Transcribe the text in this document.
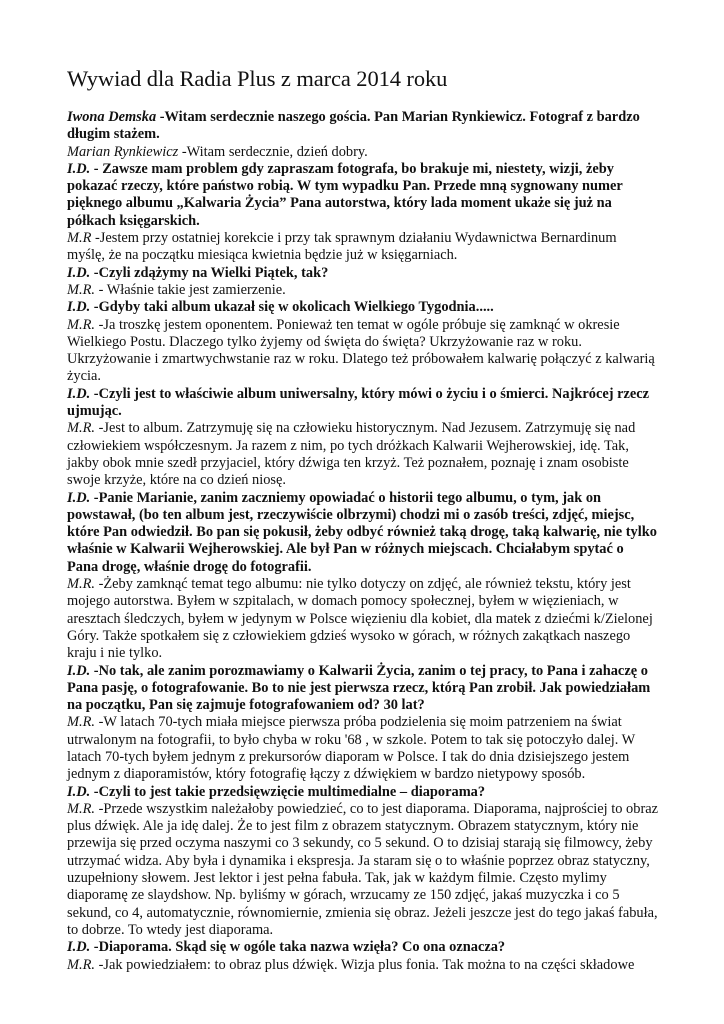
Wywiad dla Radia Plus z marca 2014 roku

Iwona Demska -Witam serdecznie naszego gościa. Pan Marian Rynkiewicz. Fotograf z bardzo długim stażem.

Marian Rynkiewicz -Witam serdecznie, dzień dobry.

I.D. - Zawsze mam problem gdy zapraszam fotografa, bo brakuje mi, niestety, wizji, żeby pokazać rzeczy, które państwo robią. W tym wypadku Pan. Przede mną sygnowany numer pięknego albumu „Kalwaria Życia” Pana autorstwa, który lada moment ukaże się już na półkach księgarskich.

M.R -Jestem przy ostatniej korekcie i przy tak sprawnym działaniu Wydawnictwa Bernardinum myślę, że na początku miesiąca kwietnia będzie już w księgarniach.

I.D. -Czyli zdążymy na Wielki Piątek, tak?

M.R. - Właśnie takie jest zamierzenie.

I.D. -Gdyby taki album ukazał się w okolicach Wielkiego Tygodnia.....

M.R. -Ja troszkę jestem oponentem. Ponieważ ten temat w ogóle próbuje się zamknąć w okresie Wielkiego Postu. Dlaczego tylko żyjemy od święta do święta? Ukrzyżowanie raz w roku. Ukrzyżowanie i zmartwychwstanie raz w roku. Dlatego też próbowałem kalwarię połączyć z kalwarią życia.

I.D. -Czyli jest to właściwie album uniwersalny, który mówi o życiu i o śmierci. Najkrócej rzecz ujmując.

M.R. -Jest to album. Zatrzymuję się na człowieku historycznym. Nad Jezusem. Zatrzymuję się nad człowiekiem współczesnym. Ja razem z nim, po tych dróżkach Kalwarii Wejherowskiej, idę. Tak, jakby obok mnie szedł przyjaciel, który dźwiga ten krzyż. Też poznałem, poznaję i znam osobiste swoje krzyże, które na co dzień niosę.

I.D. -Panie Marianie, zanim zaczniemy opowiadać o historii tego albumu, o tym, jak on powstawał, (bo ten album jest, rzeczywiście olbrzymi) chodzi mi o zasób treści, zdjęć, miejsc, które Pan odwiedził. Bo pan się pokusił, żeby odbyć również taką drogę, taką kalwarię, nie tylko właśnie w Kalwarii Wejherowskiej. Ale był Pan w różnych miejscach. Chciałabym spytać o Pana drogę, właśnie drogę do fotografii.

M.R. -Żeby zamknąć temat tego albumu: nie tylko dotyczy on zdjęć, ale również tekstu, który jest mojego autorstwa. Byłem w szpitalach, w domach pomocy społecznej, byłem w więzieniach, w aresztach śledczych, byłem w jedynym w Polsce więzieniu dla kobiet, dla matek z dziećmi k/Zielonej Góry. Także spotkałem się z człowiekiem gdzieś wysoko w górach, w różnych zakątkach naszego kraju i nie tylko.

I.D. -No tak, ale zanim porozmawiamy o Kalwarii Życia, zanim o tej pracy, to Pana i zahaczę o Pana pasję, o fotografowanie. Bo to nie jest pierwsza rzecz, którą Pan zrobił. Jak powiedziałam na początku, Pan się zajmuje fotografowaniem od? 30 lat?

M.R. -W latach 70-tych miała miejsce pierwsza próba podzielenia się moim patrzeniem na świat utrwalonym na fotografii, to było chyba w roku '68 , w szkole. Potem to tak się potoczyło dalej. W latach 70-tych byłem jednym z prekursorów diaporam w Polsce. I tak do dnia dzisiejszego jestem jednym z diaporamistów, który fotografię łączy z dźwiękiem w bardzo nietypowy sposób.

I.D. -Czyli to jest takie przedsięwzięcie multimedialne – diaporama?

M.R. -Przede wszystkim należałoby powiedzieć, co to jest diaporama. Diaporama, najprościej to obraz plus dźwięk. Ale ja idę dalej. Że to jest film z obrazem statycznym. Obrazem statycznym, który nie przewija się przed oczyma naszymi co 3 sekundy, co 5 sekund. O to dzisiaj starają się filmowcy, żeby utrzymać widza. Aby była i dynamika i ekspresja. Ja staram się o to właśnie poprzez obraz statyczny, uzupełniony słowem. Jest lektor i jest pełna fabuła. Tak, jak w każdym filmie. Często mylimy diaporamę ze slaydshow. Np. byliśmy w górach, wrzucamy ze 150 zdjęć, jakaś muzyczka i co 5 sekund, co 4, automatycznie, równomiernie, zmienia się obraz. Jeżeli jeszcze jest do tego jakaś fabuła, to dobrze. To wtedy jest diaporama.

I.D. -Diaporama. Skąd się w ogóle taka nazwa wzięła? Co ona oznacza?

M.R. -Jak powiedziałem: to obraz plus dźwięk. Wizja plus fonia. Tak można to na części składowe
